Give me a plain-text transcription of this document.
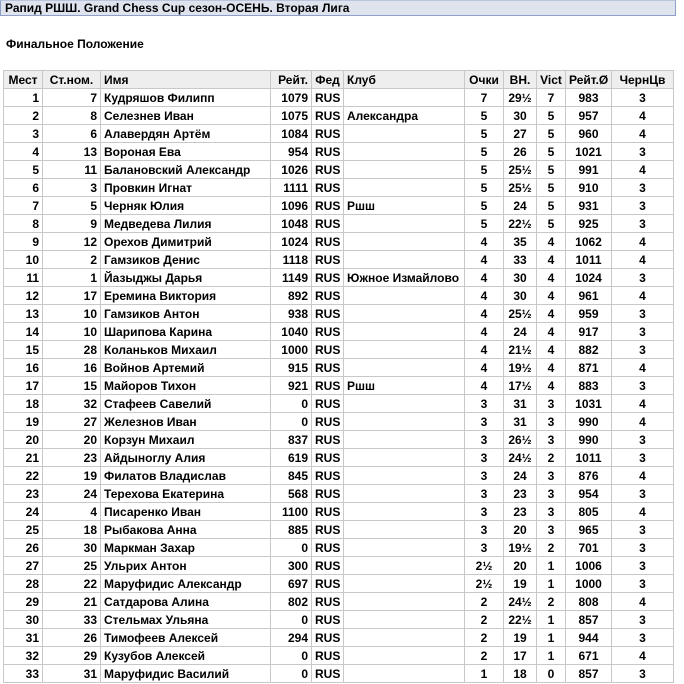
Рапид РШШ. Grand Chess Cup сезон-ОСЕНЬ. Вторая Лига
Финальное Положение
Мест	Ст.ном.	Имя	Рейт.	Фед	Клуб	Очки	ВН.	Vict	Рейт.Ø	ЧернЦв
1	7	Кудряшов Филипп	1079	RUS		7	29½	7	983	3
2	8	Селезнев Иван	1075	RUS	Александра	5	30	5	957	4
3	6	Алавердян Артём	1084	RUS		5	27	5	960	4
4	13	Вороная Ева	954	RUS		5	26	5	1021	3
5	11	Балановский Александр	1026	RUS		5	25½	5	991	4
6	3	Провкин Игнат	1111	RUS		5	25½	5	910	3
7	5	Черняк Юлия	1096	RUS	Ршш	5	24	5	931	3
8	9	Медведева Лилия	1048	RUS		5	22½	5	925	3
9	12	Орехов Димитрий	1024	RUS		4	35	4	1062	4
10	2	Гамзиков Денис	1118	RUS		4	33	4	1011	4
11	1	Йазыджы Дарья	1149	RUS	Южное Измайлово	4	30	4	1024	3
12	17	Еремина Виктория	892	RUS		4	30	4	961	4
13	10	Гамзиков Антон	938	RUS		4	25½	4	959	3
14	10	Шарипова Карина	1040	RUS		4	24	4	917	3
15	28	Коланьков Михаил	1000	RUS		4	21½	4	882	3
16	16	Войнов Артемий	915	RUS		4	19½	4	871	4
17	15	Майоров Тихон	921	RUS	Ршш	4	17½	4	883	3
18	32	Стафеев Савелий	0	RUS		3	31	3	1031	4
19	27	Железнов Иван	0	RUS		3	31	3	990	4
20	20	Корзун Михаил	837	RUS		3	26½	3	990	3
21	23	Айдыноглу Алия	619	RUS		3	24½	2	1011	3
22	19	Филатов Владислав	845	RUS		3	24	3	876	4
23	24	Терехова Екатерина	568	RUS		3	23	3	954	3
24	4	Писаренко Иван	1100	RUS		3	23	3	805	4
25	18	Рыбакова Анна	885	RUS		3	20	3	965	3
26	30	Маркман Захар	0	RUS		3	19½	2	701	3
27	25	Ульрих Антон	300	RUS		2½	20	1	1006	3
28	22	Маруфидис Александр	697	RUS		2½	19	1	1000	3
29	21	Сатдарова Алина	802	RUS		2	24½	2	808	4
30	33	Стельмах Ульяна	0	RUS		2	22½	1	857	3
31	26	Тимофеев Алексей	294	RUS		2	19	1	944	3
32	29	Кузубов Алексей	0	RUS		2	17	1	671	4
33	31	Маруфидис Василий	0	RUS		1	18	0	857	3
